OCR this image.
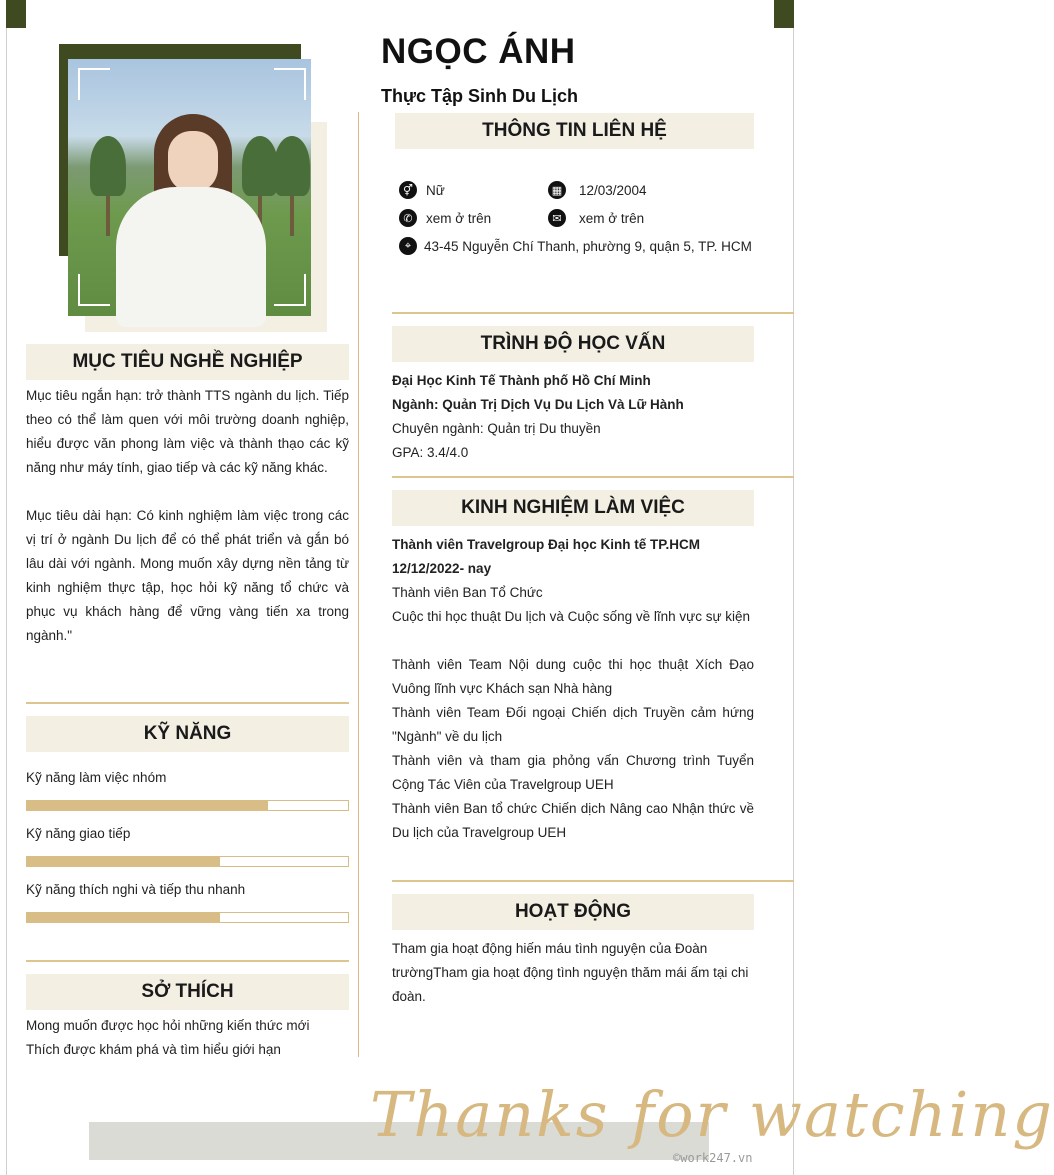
NGỌC ÁNH
Thực Tập Sinh Du Lịch
THÔNG TIN LIÊN HỆ
⚥ Nữ	▦ 12/03/2004
✆ xem ở trên	✉	xem ở trên
⌖ 43-45 Nguyễn Chí Thanh, phường 9, quận 5, TP. HCM
TRÌNH ĐỘ HỌC VẤN
Đại Học Kinh Tế Thành phố Hồ Chí Minh
Ngành: Quản Trị Dịch Vụ Du Lịch Và Lữ Hành
Chuyên ngành: Quản trị Du thuyền
GPA: 3.4/4.0
KINH NGHIỆM LÀM VIỆC
Thành viên Travelgroup Đại học Kinh tế TP.HCM
12/12/2022- nay
Thành viên Ban Tổ Chức
Cuộc thi học thuật Du lịch và Cuộc sống về lĩnh vực sự kiện
Thành viên Team Nội dung cuộc thi học thuật Xích Đạo Vuông lĩnh vực Khách sạn Nhà hàng
Thành viên Team Đối ngoại Chiến dịch Truyền cảm hứng "Ngành" về du lịch
Thành viên và tham gia phỏng vấn Chương trình Tuyển Cộng Tác Viên của Travelgroup UEH
Thành viên Ban tổ chức Chiến dịch Nâng cao Nhận thức về Du lịch của Travelgroup UEH
HOẠT ĐỘNG
Tham gia hoạt động hiến máu tình nguyện của Đoàn trườngTham gia hoạt động tình nguyện thăm mái ấm tại chi đoàn.
MỤC TIÊU NGHỀ NGHIỆP
Mục tiêu ngắn hạn: trở thành TTS ngành du lịch. Tiếp theo có thể làm quen với môi trường doanh nghiệp, hiểu được văn phong làm việc và thành thạo các kỹ năng như máy tính, giao tiếp và các kỹ năng khác.
Mục tiêu dài hạn: Có kinh nghiệm làm việc trong các vị trí ở ngành Du lịch để có thể phát triển và gắn bó lâu dài với ngành. Mong muốn xây dựng nền tảng từ kinh nghiệm thực tập, học hỏi kỹ năng tổ chức và phục vụ khách hàng để vững vàng tiến xa trong ngành."
KỸ NĂNG
Kỹ năng làm việc nhóm
Kỹ năng giao tiếp
Kỹ năng thích nghi và tiếp thu nhanh
SỞ THÍCH
Mong muốn được học hỏi những kiến thức mới
Thích được khám phá và tìm hiểu giới hạn
Thanks for watching
©work247.vn
